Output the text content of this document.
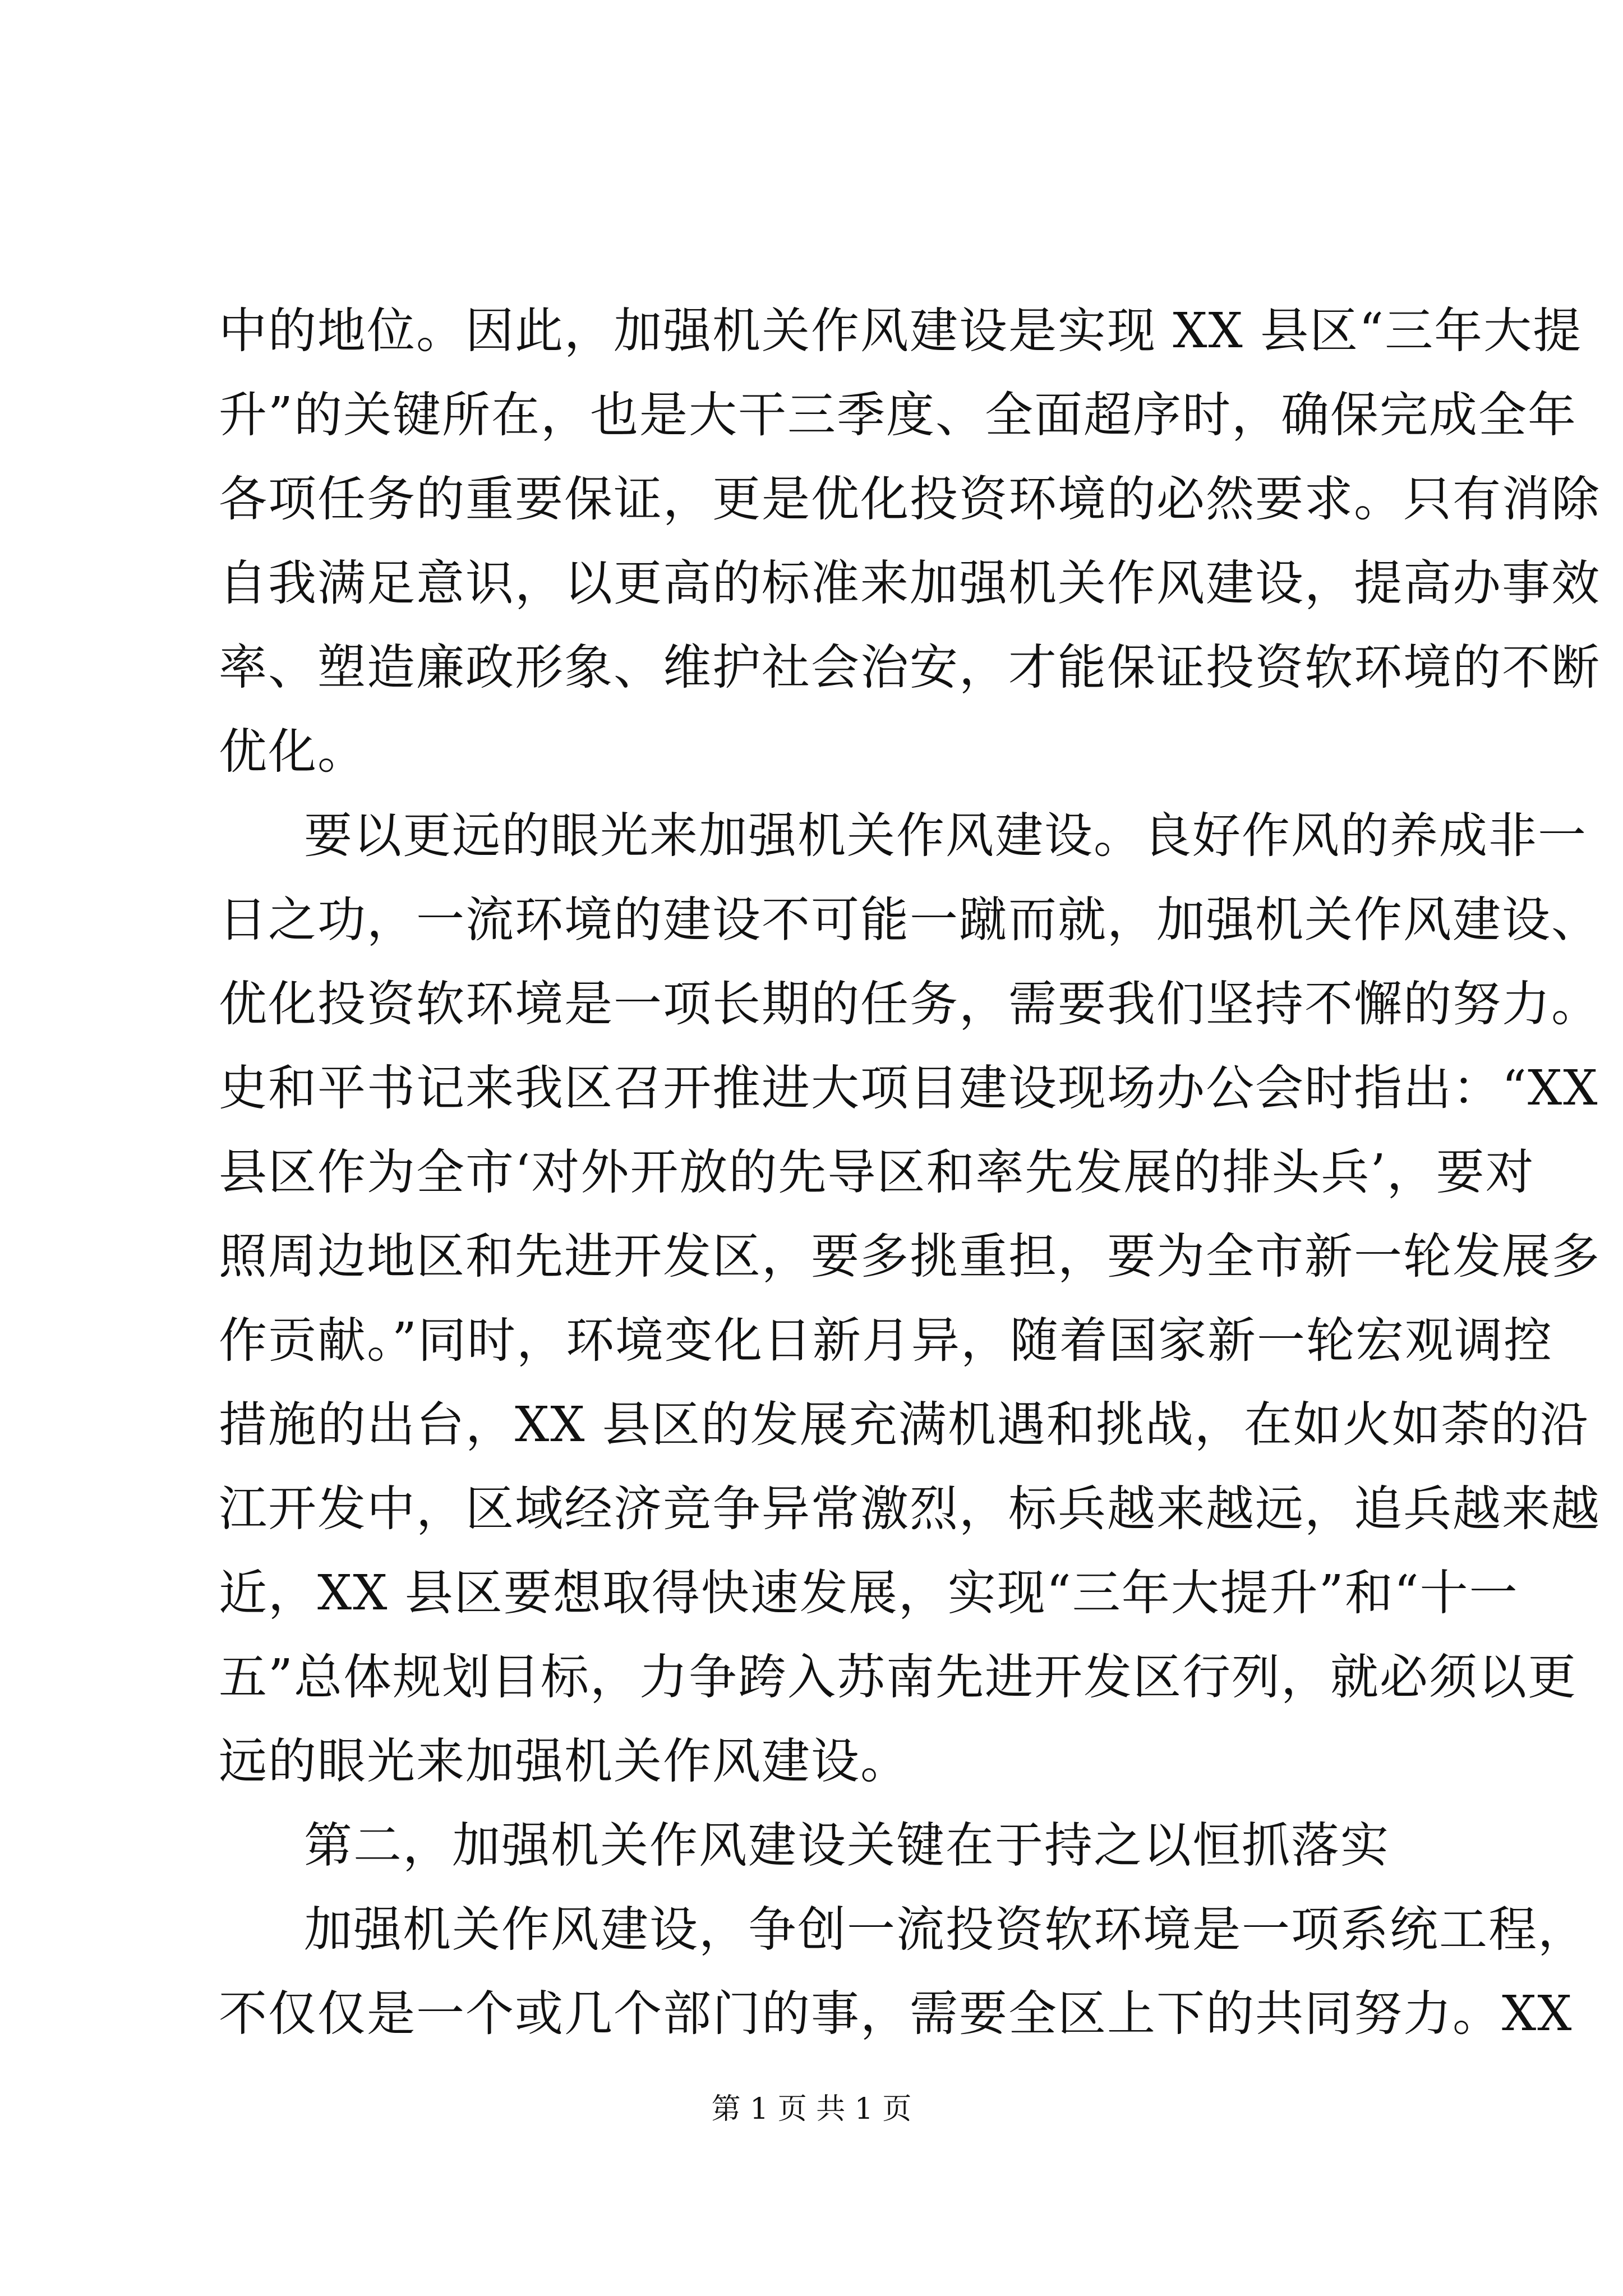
中的地位。因此，加强机关作风建设是实现 XX 县区“三年大提
升”的关键所在，也是大干三季度、全面超序时，确保完成全年
各项任务的重要保证，更是优化投资环境的必然要求。只有消除
自我满足意识，以更高的标准来加强机关作风建设，提高办事效
率、塑造廉政形象、维护社会治安，才能保证投资软环境的不断
优化。
要以更远的眼光来加强机关作风建设。良好作风的养成非一
日之功，一流环境的建设不可能一蹴而就，加强机关作风建设、
优化投资软环境是一项长期的任务，需要我们坚持不懈的努力。
史和平书记来我区召开推进大项目建设现场办公会时指出：“XX
县区作为全市‘对外开放的先导区和率先发展的排头兵’，要对
照周边地区和先进开发区，要多挑重担，要为全市新一轮发展多
作贡献。”同时，环境变化日新月异，随着国家新一轮宏观调控
措施的出台，XX 县区的发展充满机遇和挑战，在如火如荼的沿
江开发中，区域经济竞争异常激烈，标兵越来越远，追兵越来越
近，XX 县区要想取得快速发展，实现“三年大提升”和“十一
五”总体规划目标，力争跨入苏南先进开发区行列，就必须以更
远的眼光来加强机关作风建设。
第二，加强机关作风建设关键在于持之以恒抓落实
加强机关作风建设，争创一流投资软环境是一项系统工程，
不仅仅是一个或几个部门的事，需要全区上下的共同努力。XX
第 1 页 共 1 页
